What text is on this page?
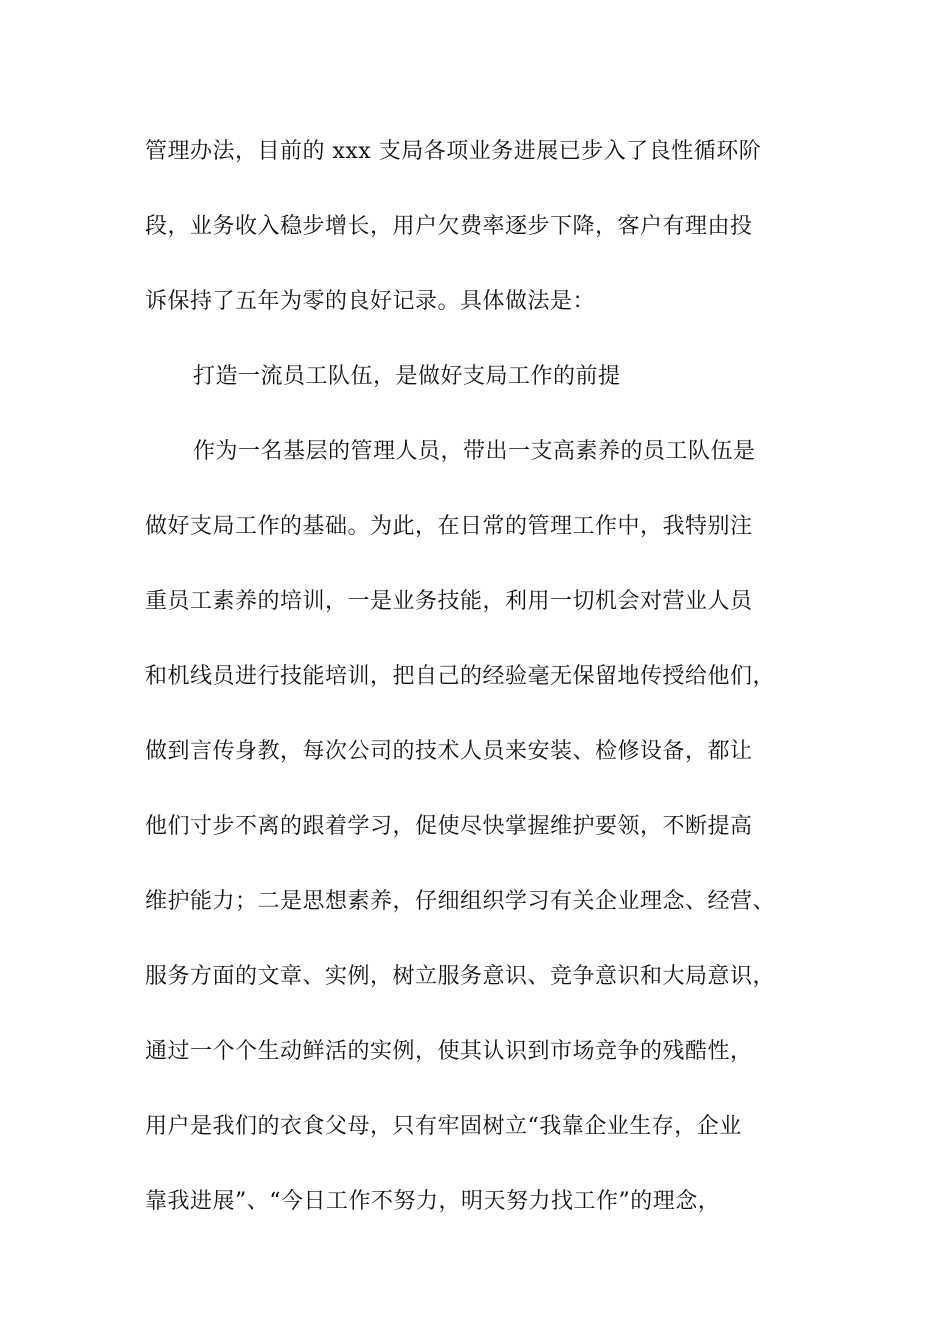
管理办法，目前的 xxx 支局各项业务进展已步入了良性循环阶
段，业务收入稳步增长，用户欠费率逐步下降，客户有理由投
诉保持了五年为零的良好记录。具体做法是：
打造一流员工队伍，是做好支局工作的前提
作为一名基层的管理人员，带出一支高素养的员工队伍是
做好支局工作的基础。为此，在日常的管理工作中，我特别注
重员工素养的培训，一是业务技能，利用一切机会对营业人员
和机线员进行技能培训，把自己的经验毫无保留地传授给他们，
做到言传身教，每次公司的技术人员来安装、检修设备，都让
他们寸步不离的跟着学习，促使尽快掌握维护要领，不断提高
维护能力；二是思想素养，仔细组织学习有关企业理念、经营、
服务方面的文章、实例，树立服务意识、竞争意识和大局意识，
通过一个个生动鲜活的实例，使其认识到市场竞争的残酷性，
用户是我们的衣食父母，只有牢固树立“我靠企业生存，企业
靠我进展”、“今日工作不努力，明天努力找工作”的理念，
